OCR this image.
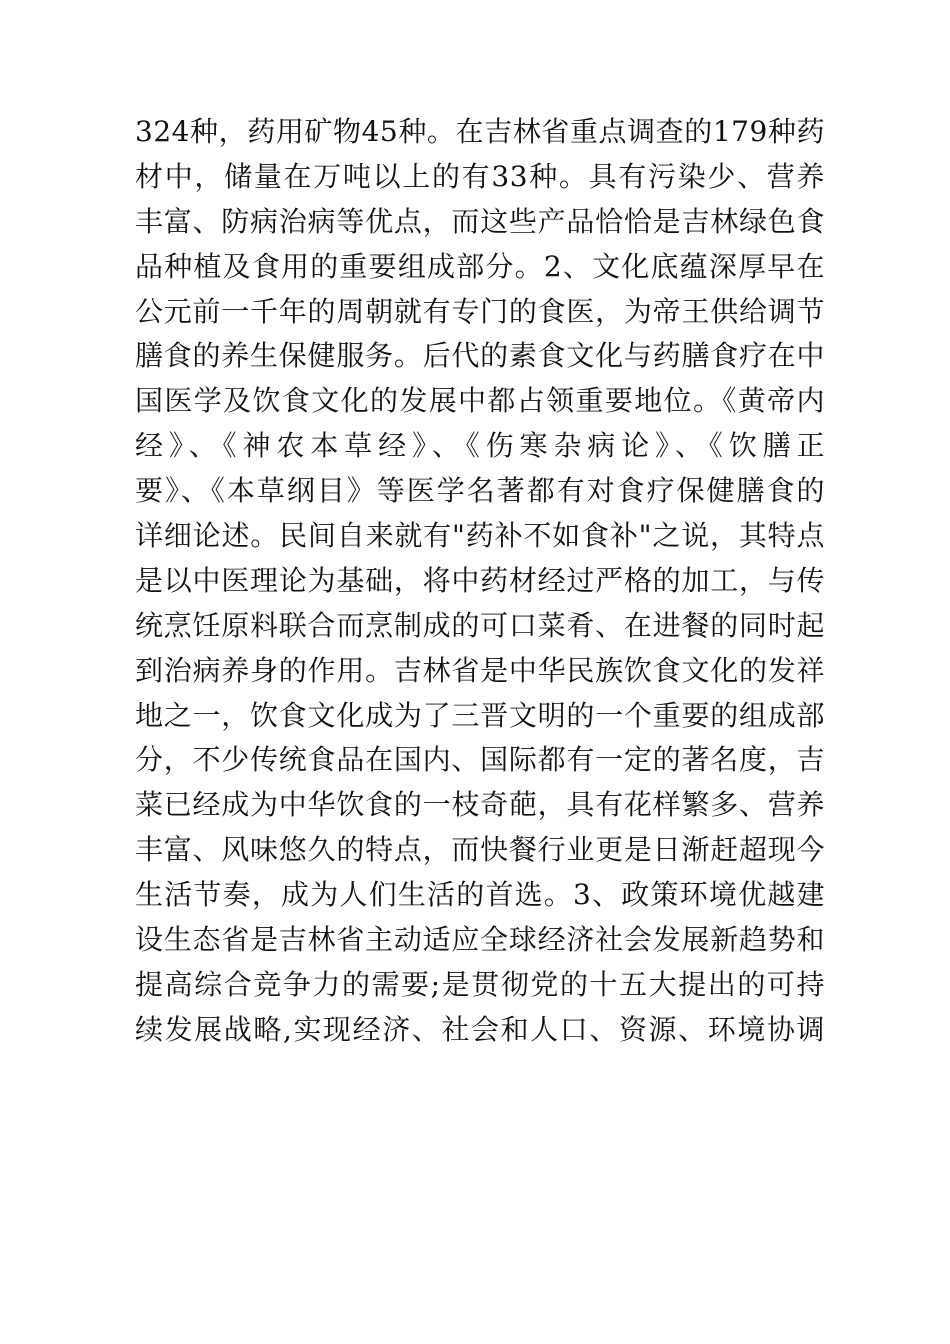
324种，药用矿物45种。在吉林省重点调查的179种药
材中，储量在万吨以上的有33种。具有污染少、营养
丰富、防病治病等优点，而这些产品恰恰是吉林绿色食
品种植及食用的重要组成部分。2、文化底蕴深厚早在
公元前一千年的周朝就有专门的食医，为帝王供给调节
膳食的养生保健服务。后代的素食文化与药膳食疗在中
国医学及饮食文化的发展中都占领重要地位。《黄帝内
经》、《神农本草经》、《伤寒杂病论》、《饮膳正
要》、《本草纲目》等医学名著都有对食疗保健膳食的
详细论述。民间自来就有"药补不如食补"之说，其特点
是以中医理论为基础，将中药材经过严格的加工，与传
统烹饪原料联合而烹制成的可口菜肴、在进餐的同时起
到治病养身的作用。吉林省是中华民族饮食文化的发祥
地之一，饮食文化成为了三晋文明的一个重要的组成部
分，不少传统食品在国内、国际都有一定的著名度，吉
菜已经成为中华饮食的一枝奇葩，具有花样繁多、营养
丰富、风味悠久的特点，而快餐行业更是日渐赶超现今
生活节奏，成为人们生活的首选。3、政策环境优越建
设生态省是吉林省主动适应全球经济社会发展新趋势和
提高综合竞争力的需要;是贯彻党的十五大提出的可持
续发展战略,实现经济、社会和人口、资源、环境协调
